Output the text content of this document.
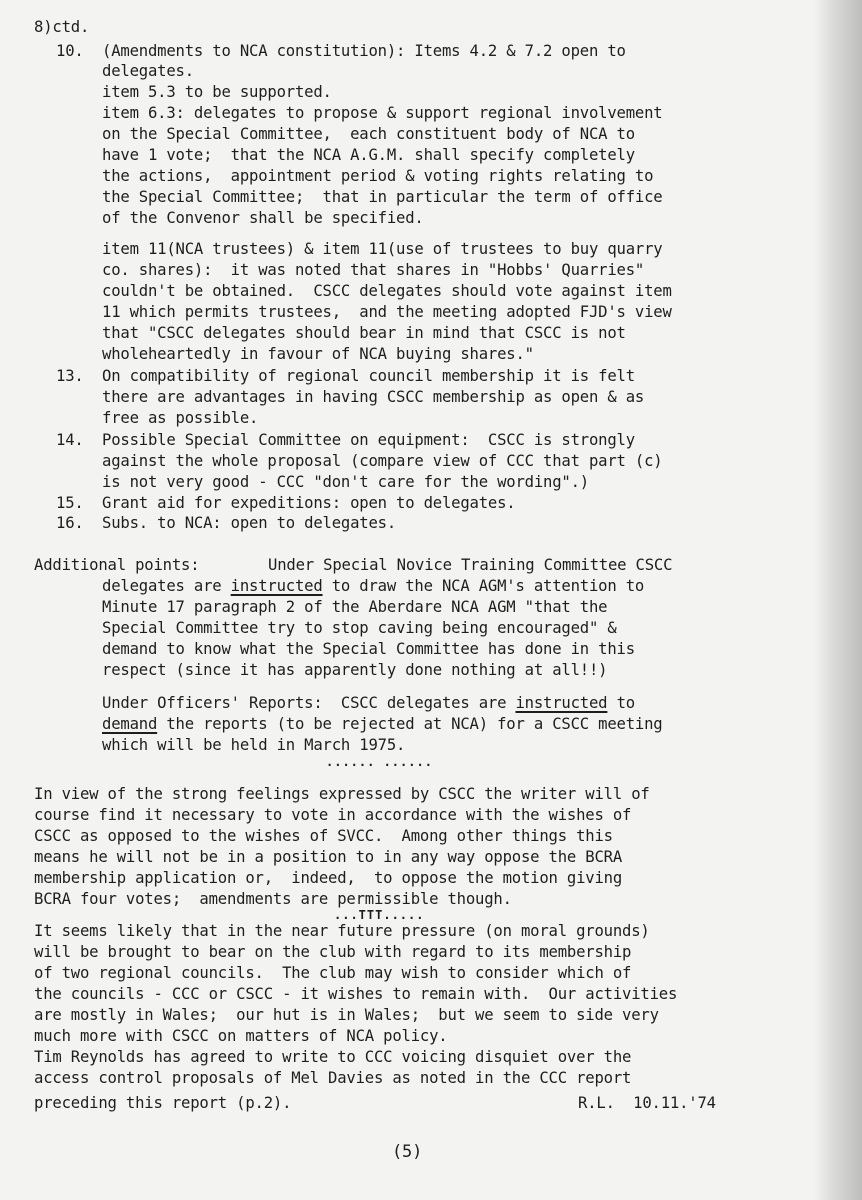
8)ctd.
10. (Amendments to NCA constitution): Items 4.2 & 7.2 open to
delegates.
item 5.3 to be supported.
item 6.3: delegates to propose & support regional involvement
on the Special Committee,  each constituent body of NCA to
have 1 vote;  that the NCA A.G.M. shall specify completely
the actions,  appointment period & voting rights relating to
the Special Committee;  that in particular the term of office
of the Convenor shall be specified.
item 11(NCA trustees) & item 11(use of trustees to buy quarry
co. shares):  it was noted that shares in "Hobbs' Quarries"
couldn't be obtained.  CSCC delegates should vote against item
11 which permits trustees,  and the meeting adopted FJD's view
that "CSCC delegates should bear in mind that CSCC is not
wholeheartedly in favour of NCA buying shares."
13. On compatibility of regional council membership it is felt
there are advantages in having CSCC membership as open & as
free as possible.
14. Possible Special Committee on equipment:  CSCC is strongly
against the whole proposal (compare view of CCC that part (c)
is not very good - CCC "don't care for the wording".)
15. Grant aid for expeditions: open to delegates.
16. Subs. to NCA: open to delegates.
Additional points:	Under Special Novice Training Committee CSCC
delegates are instructed to draw the NCA AGM's attention to
Minute 17 paragraph 2 of the Aberdare NCA AGM "that the
Special Committee try to stop caving being encouraged" &
demand to know what the Special Committee has done in this
respect (since it has apparently done nothing at all!!)
Under Officers' Reports:  CSCC delegates are instructed to
demand the reports (to be rejected at NCA) for a CSCC meeting
which will be held in March 1975.
...... ......
In view of the strong feelings expressed by CSCC the writer will of
course find it necessary to vote in accordance with the wishes of
CSCC as opposed to the wishes of SVCC.  Among other things this
means he will not be in a position to in any way oppose the BCRA
membership application or,  indeed,  to oppose the motion giving
BCRA four votes;  amendments are permissible though.
...TTT.....
It seems likely that in the near future pressure (on moral grounds)
will be brought to bear on the club with regard to its membership
of two regional councils.  The club may wish to consider which of
the councils - CCC or CSCC - it wishes to remain with.  Our activities
are mostly in Wales;  our hut is in Wales;  but we seem to side very
much more with CSCC on matters of NCA policy.
Tim Reynolds has agreed to write to CCC voicing disquiet over the
access control proposals of Mel Davies as noted in the CCC report
preceding this report (p.2).	R.L.  10.11.'74
(5)
